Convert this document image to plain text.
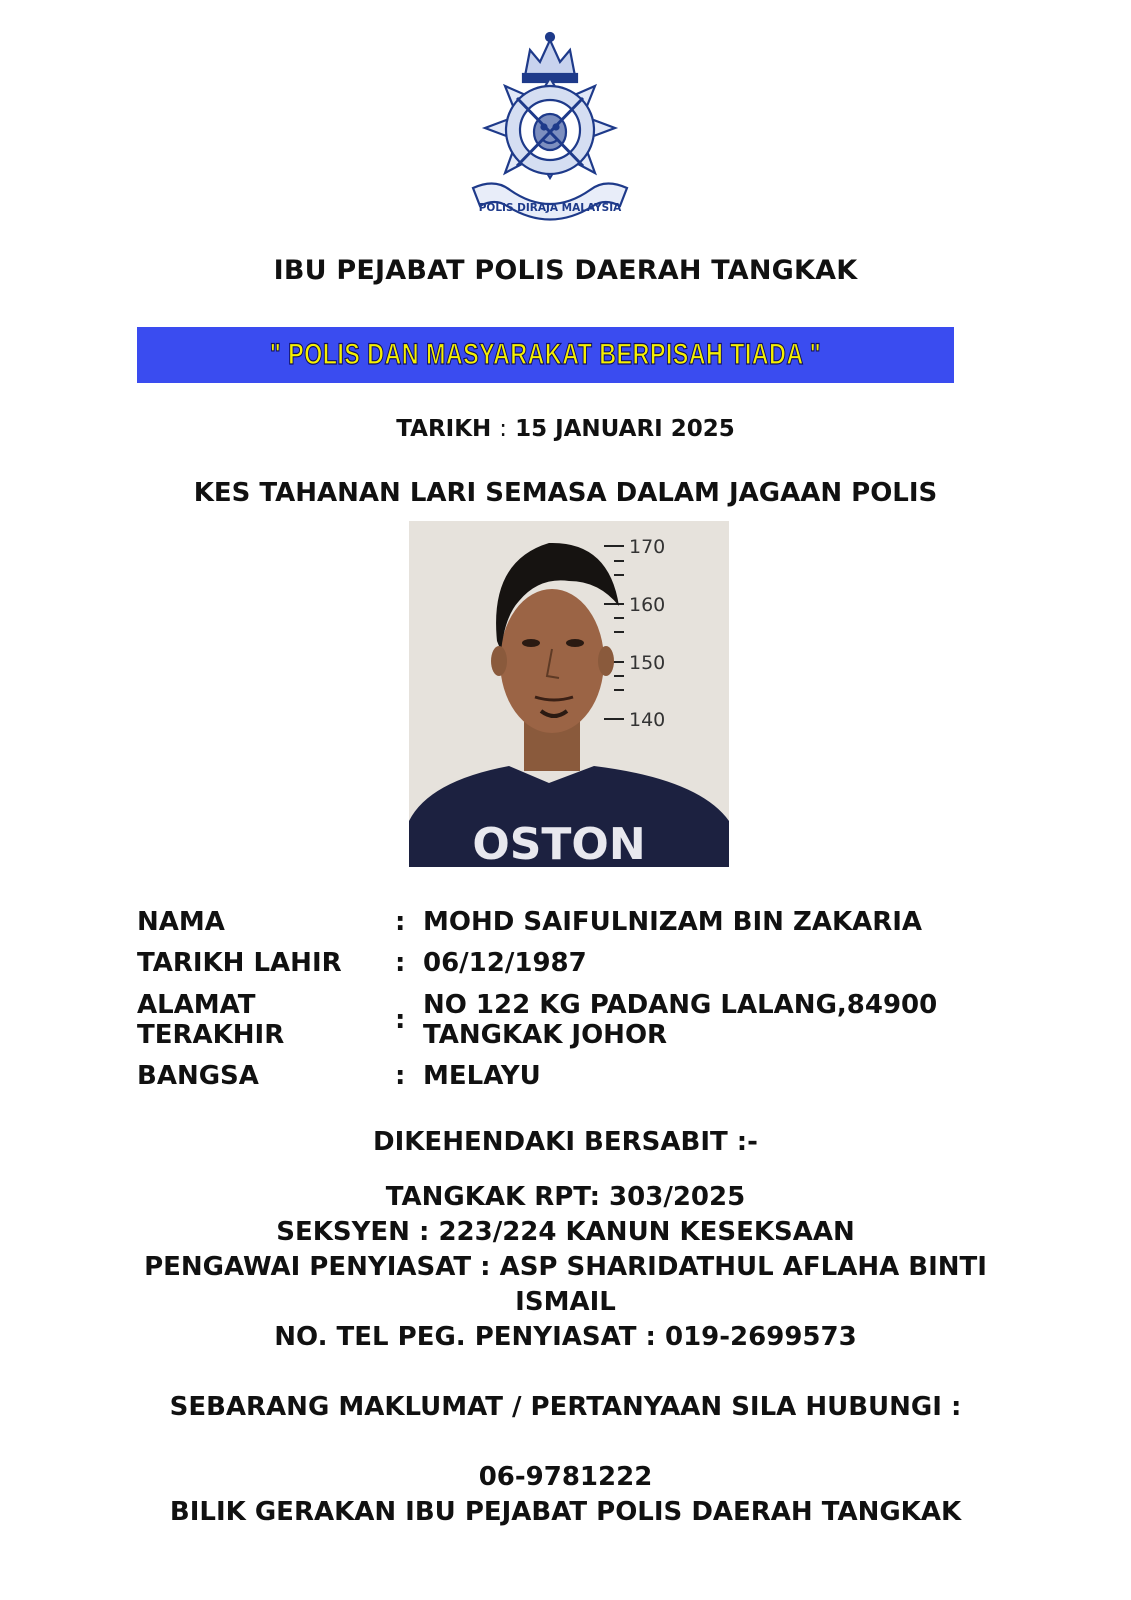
POLIS DIRAJA MALAYSIA
IBU PEJABAT POLIS DAERAH TANGKAK
" POLIS DAN MASYARAKAT BERPISAH TIADA "
TARIKH : 15 JANUARI 2025
KES TAHANAN LARI SEMASA DALAM JAGAAN POLIS
170
160
150
140
OSTON
NAMA	: MOHD SAIFULNIZAM BIN ZAKARIA
TARIKH LAHIR	: 06/12/1987
ALAMAT
TERAKHIR	: NO 122 KG PADANG LALANG,84900
TANGKAK JOHOR
BANGSA	: MELAYU
DIKEHENDAKI BERSABIT :-
TANGKAK RPT: 303/2025
SEKSYEN : 223/224 KANUN KESEKSAAN
PENGAWAI PENYIASAT : ASP SHARIDATHUL AFLAHA BINTI
ISMAIL
NO. TEL PEG. PENYIASAT : 019-2699573
SEBARANG MAKLUMAT / PERTANYAAN SILA HUBUNGI :
06-9781222
BILIK GERAKAN IBU PEJABAT POLIS DAERAH TANGKAK
